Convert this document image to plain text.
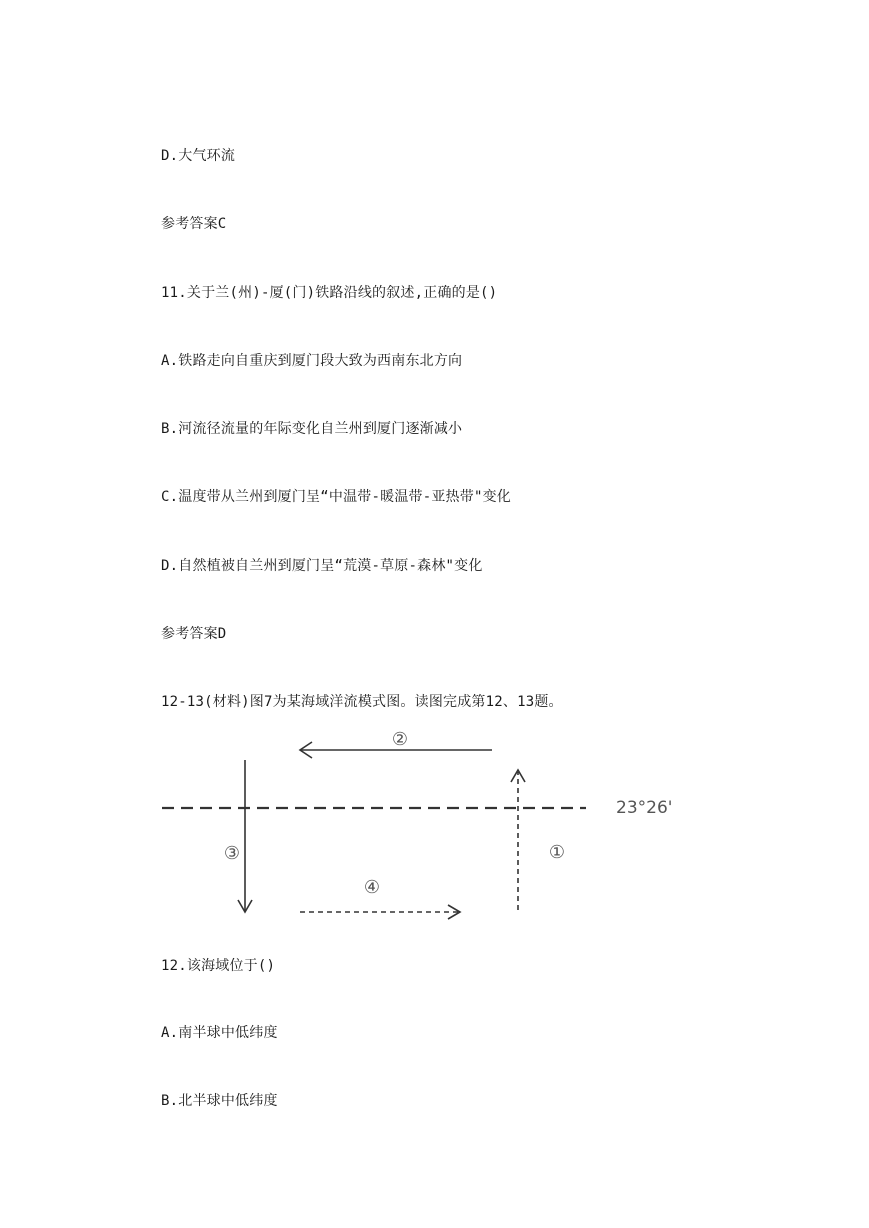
D.大气环流
参考答案C
11.关于兰(州)-厦(门)铁路沿线的叙述,正确的是()
A.铁路走向自重庆到厦门段大致为西南东北方向
B.河流径流量的年际变化自兰州到厦门逐渐减小
C.温度带从兰州到厦门呈“中温带-暖温带-亚热带"变化
D.自然植被自兰州到厦门呈“荒漠-草原-森林"变化
参考答案D
12-13(材料)图7为某海域洋流模式图。读图完成第12、13题。
23°26'
②
③	①
④
12.该海域位于()
A.南半球中低纬度
B.北半球中低纬度
